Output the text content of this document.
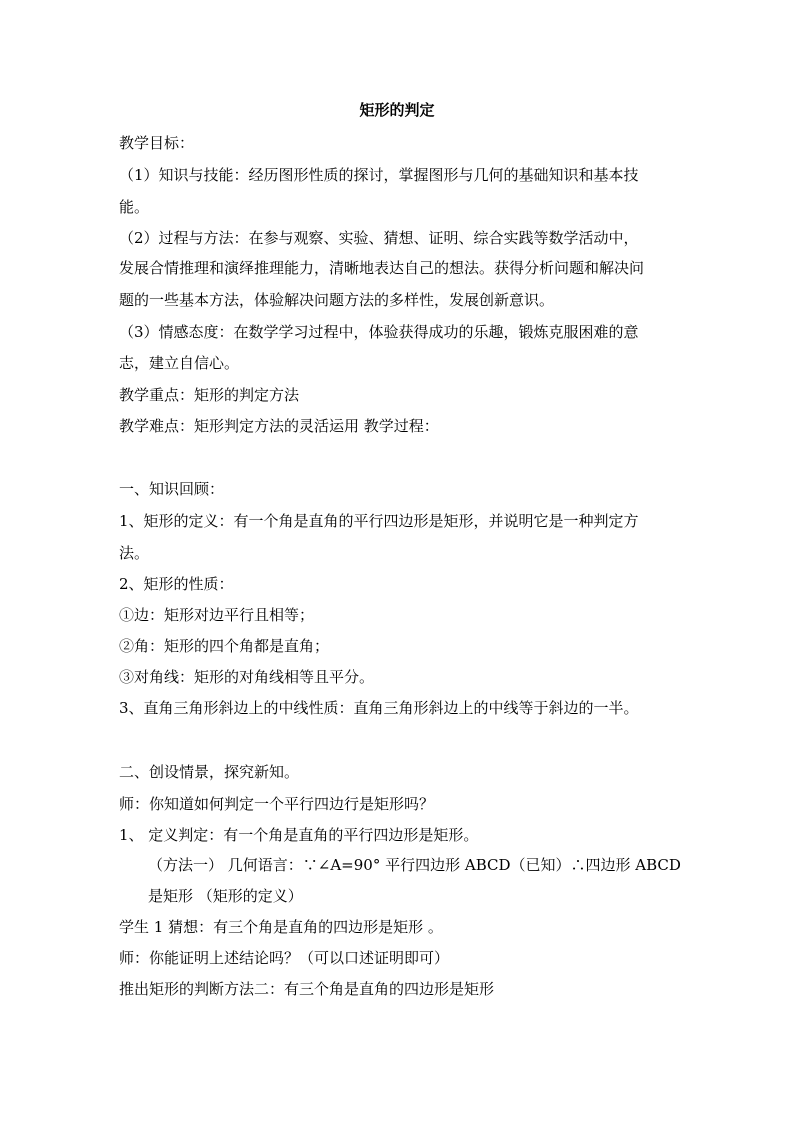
矩形的判定
教学目标：
（1）知识与技能：经历图形性质的探讨，掌握图形与几何的基础知识和基本技
能。
（2）过程与方法：在参与观察、实验、猜想、证明、综合实践等数学活动中，
发展合情推理和演绎推理能力，清晰地表达自己的想法。获得分析问题和解决问
题的一些基本方法，体验解决问题方法的多样性，发展创新意识。
（3）情感态度：在数学学习过程中，体验获得成功的乐趣，锻炼克服困难的意
志，建立自信心。
教学重点：矩形的判定方法
教学难点：矩形判定方法的灵活运用 教学过程：
一、知识回顾：
1、矩形的定义：有一个角是直角的平行四边形是矩形，并说明它是一种判定方
法。
2、矩形的性质：
①边：矩形对边平行且相等；
②角：矩形的四个角都是直角；
③对角线：矩形的对角线相等且平分。
3、直角三角形斜边上的中线性质：直角三角形斜边上的中线等于斜边的一半。
二、创设情景，探究新知。
师：你知道如何判定一个平行四边行是矩形吗？
1、 定义判定：有一个角是直角的平行四边形是矩形。
（方法一） 几何语言：∵∠A=90° 平行四边形 ABCD（已知）∴四边形 ABCD
是矩形 （矩形的定义）
学生 1 猜想：有三个角是直角的四边形是矩形 。
师：你能证明上述结论吗？（可以口述证明即可）
推出矩形的判断方法二：有三个角是直角的四边形是矩形
